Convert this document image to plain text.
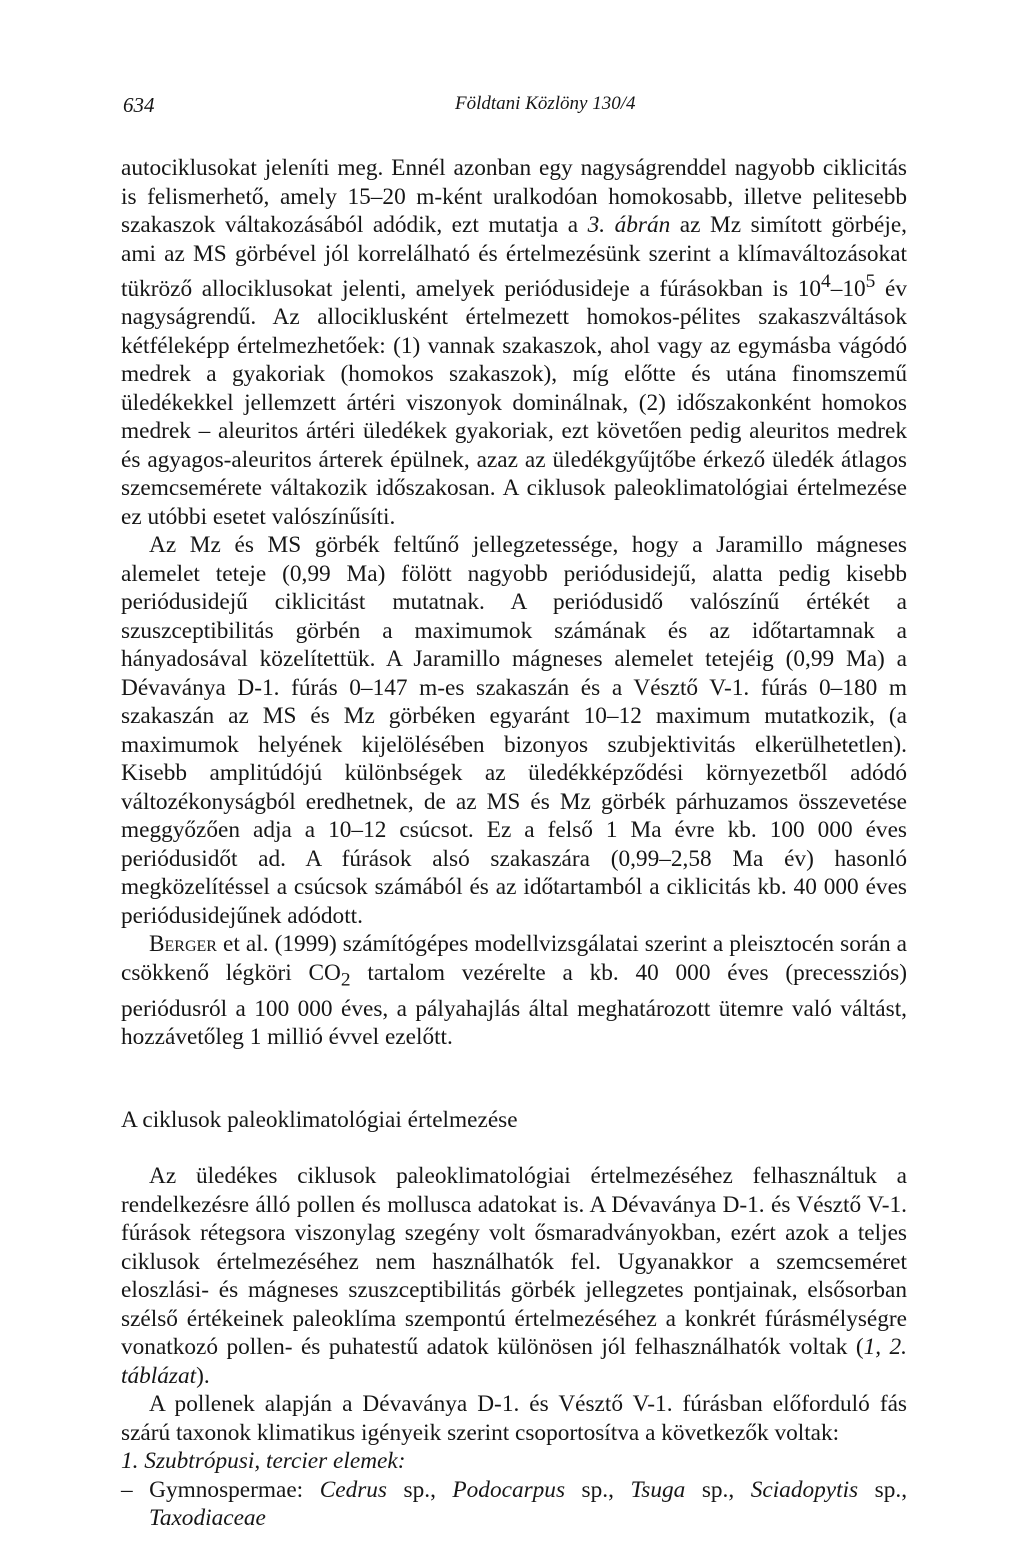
634	Földtani Közlöny 130/4

autociklusokat jeleníti meg. Ennél azonban egy nagyságrenddel nagyobb ciklicitás is felismerhető, amely 15–20 m-ként uralkodóan homokosabb, illetve pelitesebb szakaszok váltakozásából adódik, ezt mutatja a 3. ábrán az Mz simított görbéje, ami az MS görbével jól korrelálható és értelmezésünk szerint a klímaváltozásokat tükröző allociklusokat jelenti, amelyek periódusideje a fúrásokban is $10^4-10^5$ év nagyságrendű. Az allociklusként értelmezett homokos-pélites szakaszváltások kétféleképp értelmezhetőek: (1) vannak szakaszok, ahol vagy az egymásba vágódó medrek a gyakoriak (homokos szakaszok), míg előtte és utána finomszemű üledékekkel jellemzett ártéri viszonyok dominálnak, (2) időszakonként homokos medrek – aleuritos ártéri üledékek gyakoriak, ezt követően pedig aleuritos medrek és agyagos-aleuritos árterek épülnek, azaz az üledékgyűjtőbe érkező üledék átlagos szemcsemérete váltakozik időszakosan. A ciklusok paleoklimatológiai értelmezése ez utóbbi esetet valószínűsíti.

Az Mz és MS görbék feltűnő jellegzetessége, hogy a Jaramillo mágneses alemelet teteje (0,99 Ma) fölött nagyobb periódusidejű, alatta pedig kisebb periódusidejű ciklicitást mutatnak. A periódusidő valószínű értékét a szuszceptibilitás görbén a maximumok számának és az időtartamnak a hányadosával közelítettük. A Jaramillo mágneses alemelet tetejéig (0,99 Ma) a Dévaványa D-1. fúrás 0–147 m-es szakaszán és a Vésztő V-1. fúrás 0–180 m szakaszán az MS és Mz görbéken egyaránt 10–12 maximum mutatkozik, (a maximumok helyének kijelölésében bizonyos szubjektivitás elkerülhetetlen). Kisebb amplitúdójú különbségek az üledékképződési környezetből adódó változékonyságból eredhetnek, de az MS és Mz görbék párhuzamos összevetése meggyőzően adja a 10–12 csúcsot. Ez a felső 1 Ma évre kb. 100 000 éves periódusidőt ad. A fúrások alsó szakaszára (0,99–2,58 Ma év) hasonló megközelítéssel a csúcsok számából és az időtartamból a ciklicitás kb. 40 000 éves periódusidejűnek adódott.

Berger et al. (1999) számítógépes modellvizsgálatai szerint a pleisztocén során a csökkenő légköri $CO_2$ tartalom vezérelte a kb. 40 000 éves (precessziós) periódusról a 100 000 éves, a pályahajlás által meghatározott ütemre való váltást, hozzávetőleg 1 millió évvel ezelőtt.

A ciklusok paleoklimatológiai értelmezése

Az üledékes ciklusok paleoklimatológiai értelmezéséhez felhasználtuk a rendelkezésre álló pollen és mollusca adatokat is. A Dévaványa D-1. és Vésztő V-1. fúrások rétegsora viszonylag szegény volt ősmaradványokban, ezért azok a teljes ciklusok értelmezéséhez nem használhatók fel. Ugyanakkor a szemcseméret eloszlási- és mágneses szuszceptibilitás görbék jellegzetes pontjainak, elsősorban szélső értékeinek paleoklíma szempontú értelmezéséhez a konkrét fúrásmélységre vonatkozó pollen- és puhatestű adatok különösen jól felhasználhatók voltak (1, 2. táblázat).

A pollenek alapján a Dévaványa D-1. és Vésztő V-1. fúrásban előforduló fás szárú taxonok klimatikus igényeik szerint csoportosítva a következők voltak:

1. Szubtrópusi, tercier elemek:

– Gymnospermae: Cedrus sp., Podocarpus sp., Tsuga sp., Sciadopytis sp., Taxodiaceae
